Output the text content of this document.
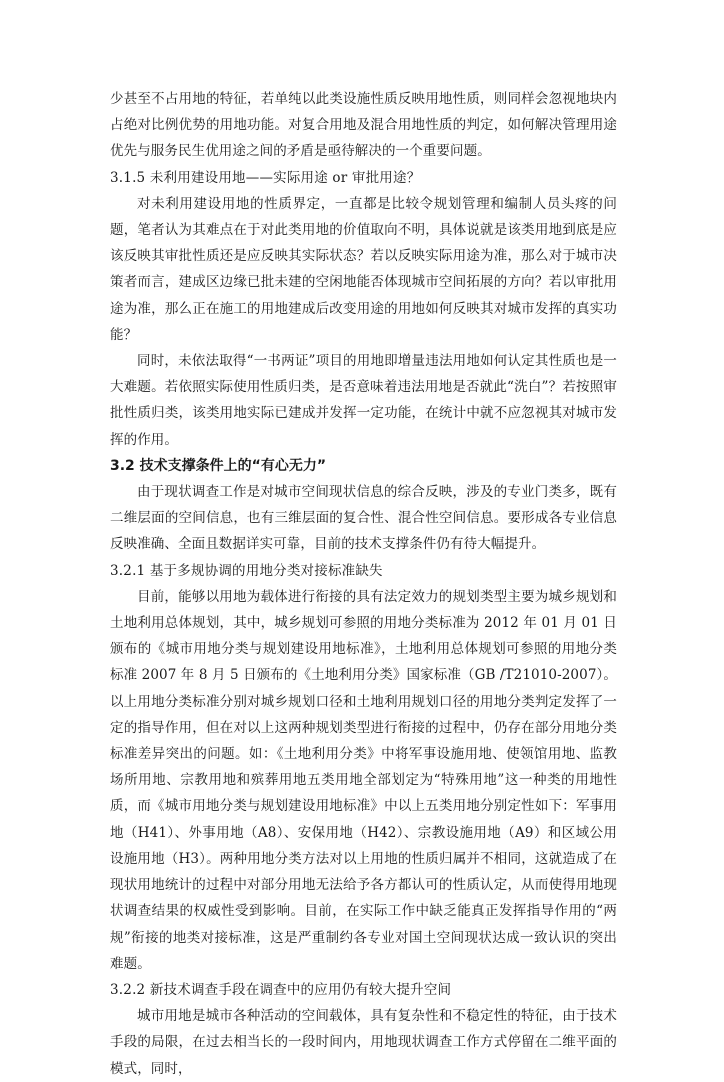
少甚至不占用地的特征，若单纯以此类设施性质反映用地性质，则同样会忽视地块内占绝对比例优势的用地功能。对复合用地及混合用地性质的判定，如何解决管理用途优先与服务民生优用途之间的矛盾是亟待解决的一个重要问题。

3.1.5 未利用建设用地——实际用途 or 审批用途？

对未利用建设用地的性质界定，一直都是比较令规划管理和编制人员头疼的问题，笔者认为其难点在于对此类用地的价值取向不明，具体说就是该类用地到底是应该反映其审批性质还是应反映其实际状态？若以反映实际用途为准，那么对于城市决策者而言，建成区边缘已批未建的空闲地能否体现城市空间拓展的方向？若以审批用途为准，那么正在施工的用地建成后改变用途的用地如何反映其对城市发挥的真实功能？

同时，未依法取得“一书两证”项目的用地即增量违法用地如何认定其性质也是一大难题。若依照实际使用性质归类，是否意味着违法用地是否就此“洗白”？若按照审批性质归类，该类用地实际已建成并发挥一定功能，在统计中就不应忽视其对城市发挥的作用。

3.2 技术支撑条件上的“有心无力”

由于现状调查工作是对城市空间现状信息的综合反映，涉及的专业门类多，既有二维层面的空间信息，也有三维层面的复合性、混合性空间信息。要形成各专业信息反映准确、全面且数据详实可靠，目前的技术支撑条件仍有待大幅提升。

3.2.1 基于多规协调的用地分类对接标准缺失

目前，能够以用地为载体进行衔接的具有法定效力的规划类型主要为城乡规划和土地利用总体规划，其中，城乡规划可参照的用地分类标准为 2012 年 01 月 01 日颁布的《城市用地分类与规划建设用地标准》，土地利用总体规划可参照的用地分类标准 2007 年 8 月 5 日颁布的《土地利用分类》国家标准（GB /T21010-2007）。以上用地分类标准分别对城乡规划口径和土地利用规划口径的用地分类判定发挥了一定的指导作用，但在对以上这两种规划类型进行衔接的过程中，仍存在部分用地分类标准差异突出的问题。如：《土地利用分类》中将军事设施用地、使领馆用地、监教场所用地、宗教用地和殡葬用地五类用地全部划定为“特殊用地”这一种类的用地性质，而《城市用地分类与规划建设用地标准》中以上五类用地分别定性如下：军事用地（H41）、外事用地（A8）、安保用地（H42）、宗教设施用地（A9）和区域公用设施用地（H3）。两种用地分类方法对以上用地的性质归属并不相同，这就造成了在现状用地统计的过程中对部分用地无法给予各方都认可的性质认定，从而使得用地现状调查结果的权威性受到影响。目前，在实际工作中缺乏能真正发挥指导作用的“两规”衔接的地类对接标准，这是严重制约各专业对国土空间现状达成一致认识的突出难题。

3.2.2 新技术调查手段在调查中的应用仍有较大提升空间

城市用地是城市各种活动的空间载体，具有复杂性和不稳定性的特征，由于技术手段的局限，在过去相当长的一段时间内，用地现状调查工作方式停留在二维平面的模式，同时，
